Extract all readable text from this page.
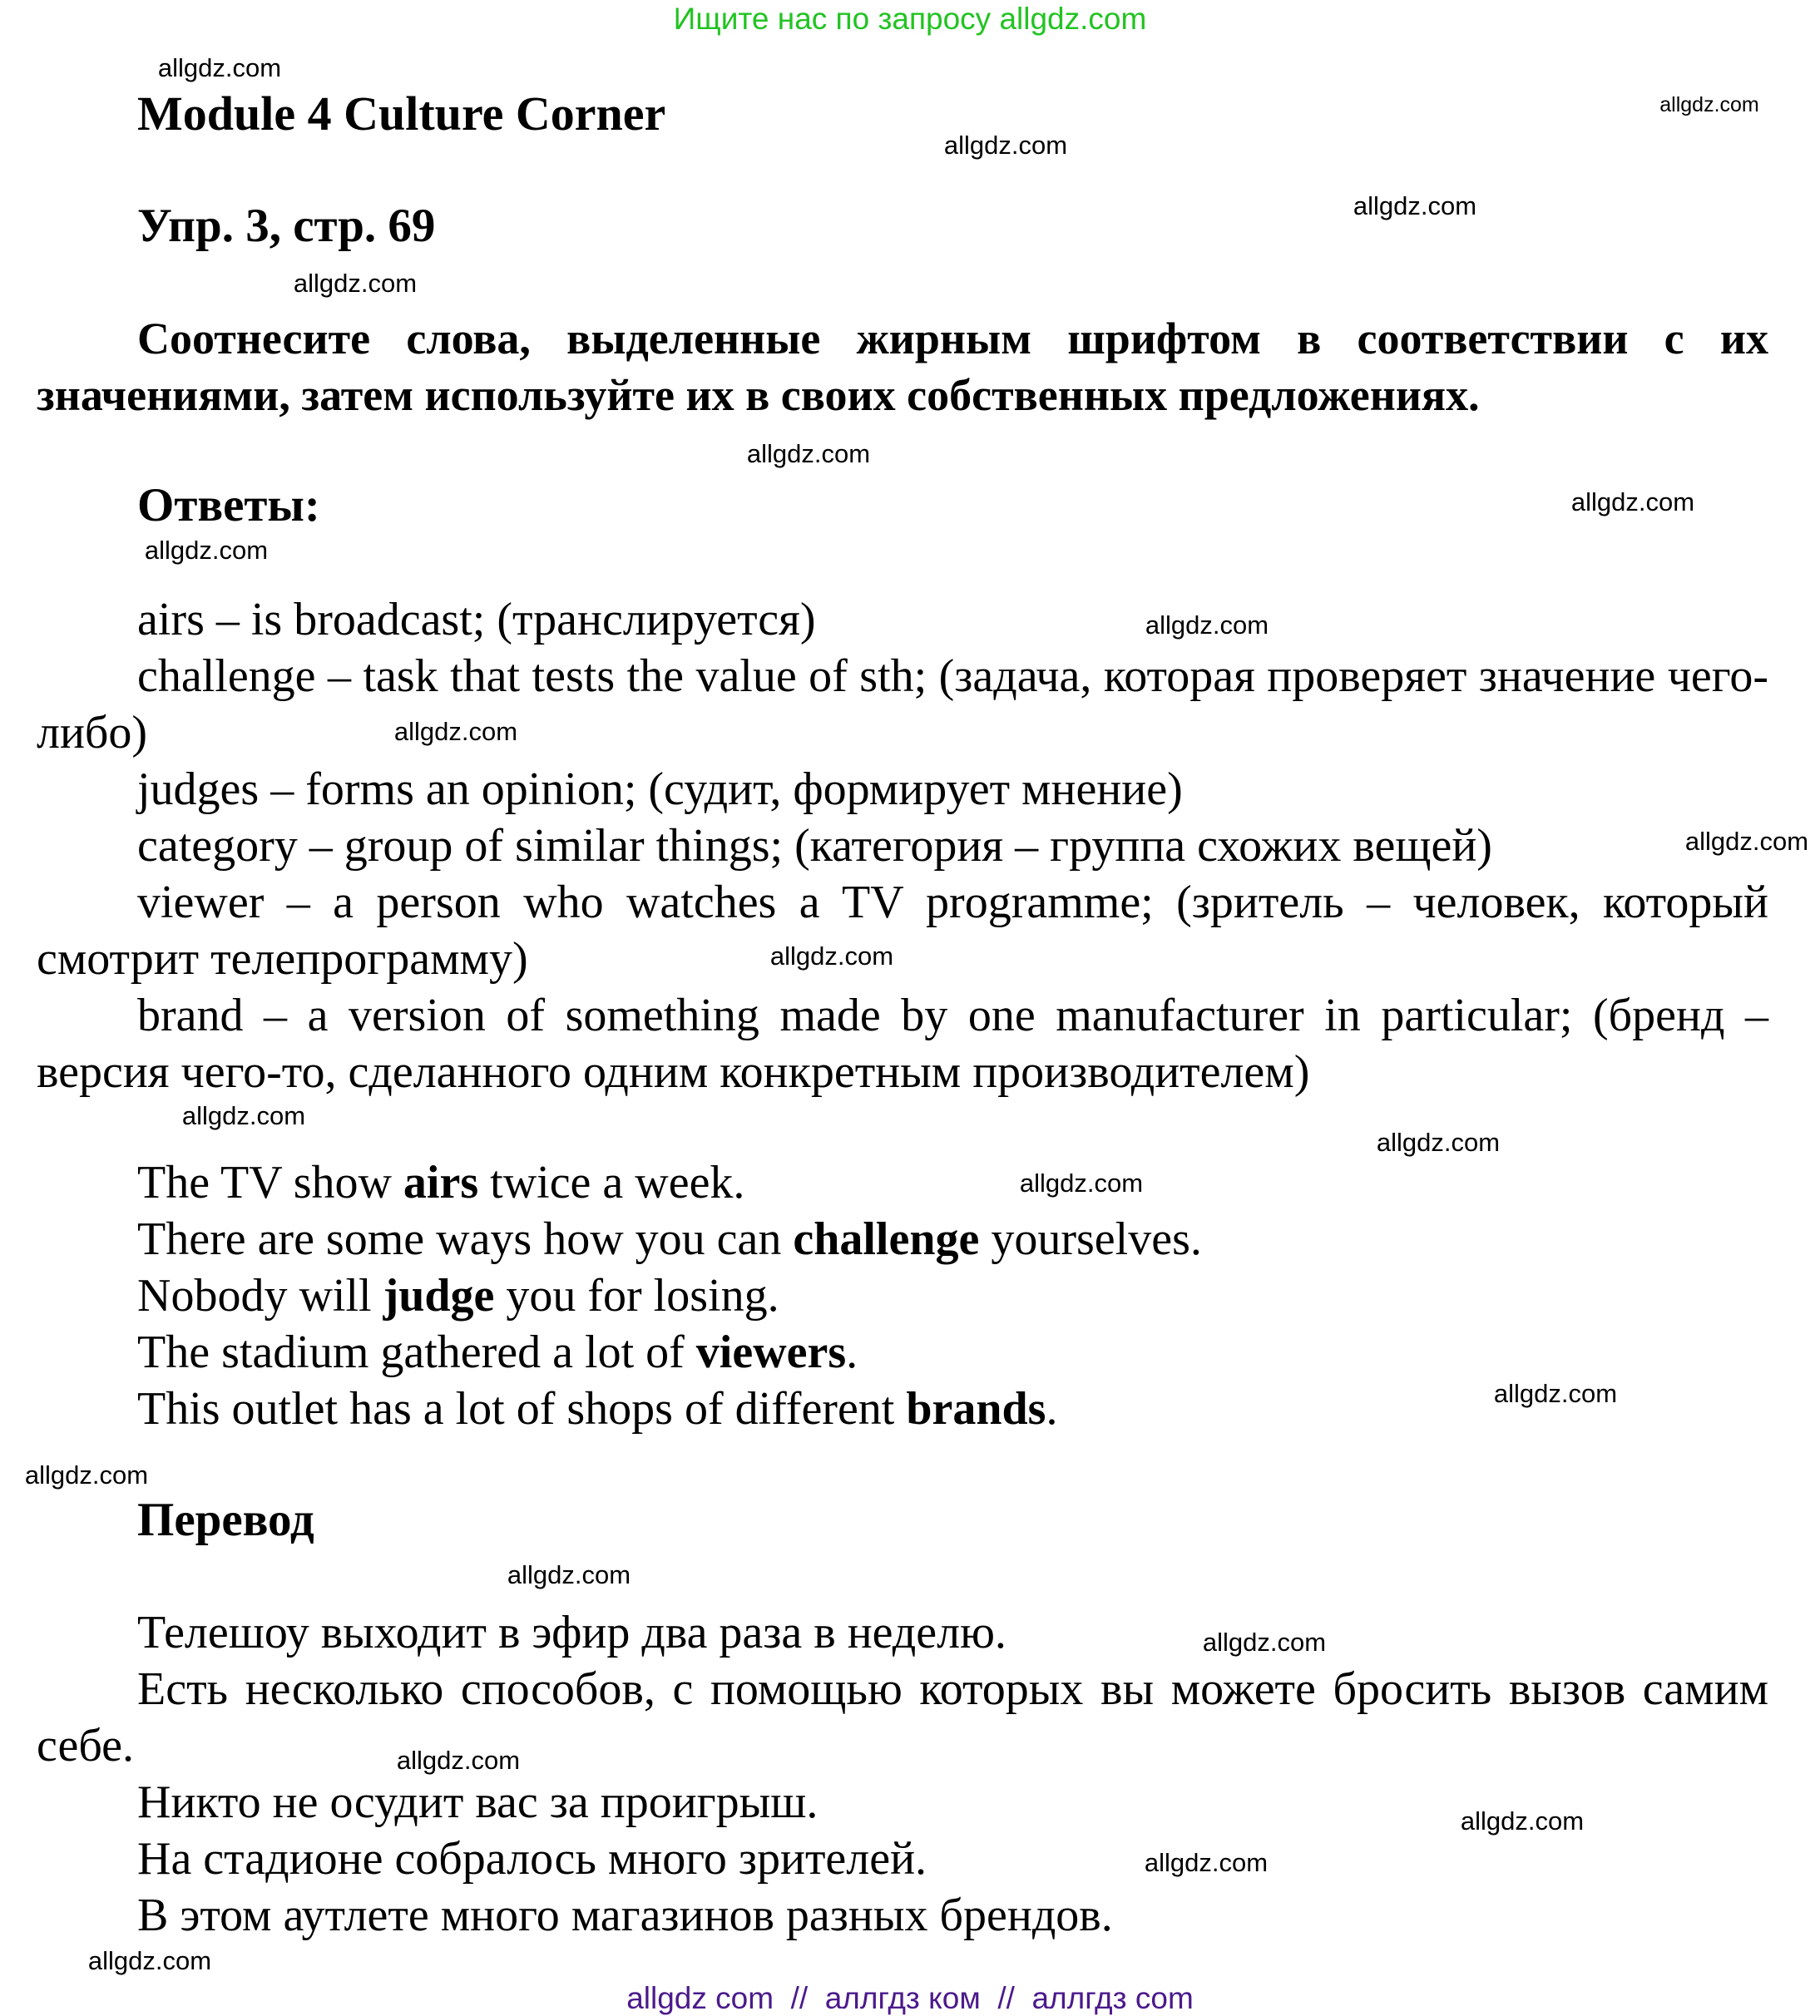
Ищите нас по запросу allgdz.com
Module 4 Culture Corner
Упр. 3, стр. 69

Соотнесите слова, выделенные жирным шрифтом в соответствии с их значениями, затем используйте их в своих собственных предложениях.

Ответы:

airs – is broadcast; (транслируется)

challenge – task that tests the value of sth; (задача, которая проверяет значение чего-либо)

judges – forms an opinion; (судит, формирует мнение)

category – group of similar things; (категория – группа схожих вещей)

viewer – a person who watches a TV programme; (зритель – человек, который смотрит телепрограмму)

brand – a version of something made by one manufacturer in particular; (бренд – версия чего-то, сделанного одним конкретным производителем)

The TV show airs twice a week.

There are some ways how you can challenge yourselves.

Nobody will judge you for losing.

The stadium gathered a lot of viewers.

This outlet has a lot of shops of different brands.

Перевод

Телешоу выходит в эфир два раза в неделю.

Есть несколько способов, с помощью которых вы можете бросить вызов самим себе.

Никто не осудит вас за проигрыш.

На стадионе собралось много зрителей.

В этом аутлете много магазинов разных брендов.

allgdz com  //  аллгдз ком  //  аллгдз com
allgdz.com
allgdz.com
allgdz.com
allgdz.com
allgdz.com
allgdz.com
allgdz.com
allgdz.com
allgdz.com
allgdz.com
allgdz.com
allgdz.com
allgdz.com
allgdz.com
allgdz.com
allgdz.com
allgdz.com
allgdz.com
allgdz.com
allgdz.com
allgdz.com
allgdz.com
allgdz.com
